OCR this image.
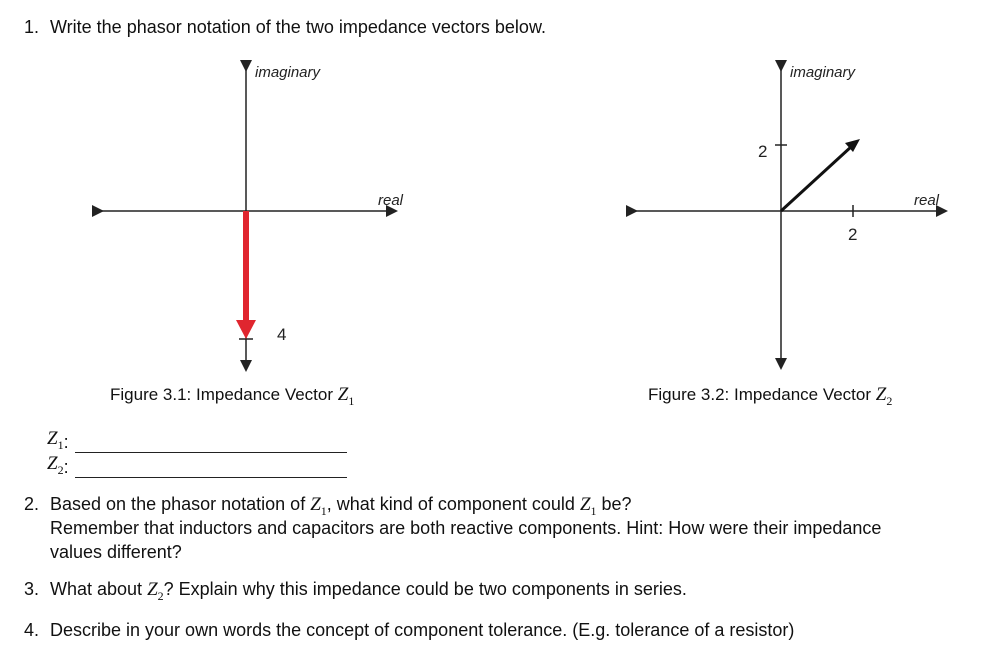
1. Write the phasor notation of the two impedance vectors below.
imaginary
real
4
Figure 3.1: Impedance Vector $Z_1$
imaginary
real
2
2
Figure 3.2: Impedance Vector $Z_2$
$Z_1$ :
$Z_2$ :
2. Based on the phasor notation of $Z_1$, what kind of component could $Z_1$ be?
Remember that inductors and capacitors are both reactive components. Hint: How were their impedance
values different?
3. What about $Z_2$? Explain why this impedance could be two components in series.
4. Describe in your own words the concept of component tolerance. (E.g. tolerance of a resistor)
